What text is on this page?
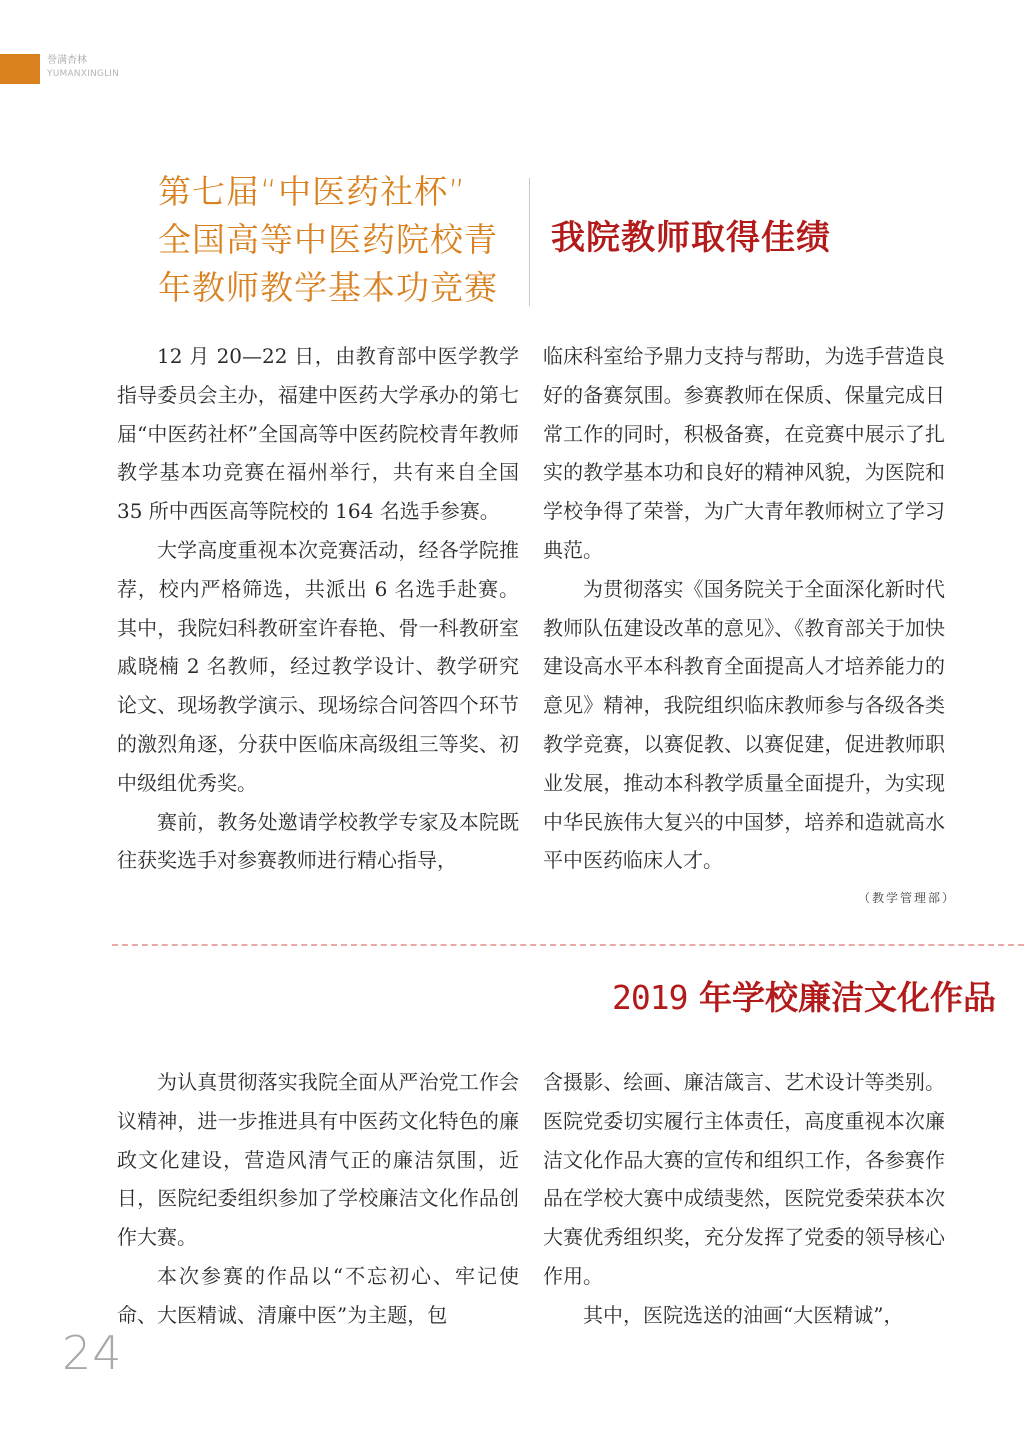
誉满杏林
YUMANXINGLIN
第七届“中医药社杯”
全国高等中医药院校青
年教师教学基本功竞赛
我院教师取得佳绩

12 月 20—22 日，由教育部中医学教学指导委员会主办，福建中医药大学承办的第七届“中医药社杯”全国高等中医药院校青年教师教学基本功竞赛在福州举行，共有来自全国 35 所中西医高等院校的 164 名选手参赛。

大学高度重视本次竞赛活动，经各学院推荐，校内严格筛选，共派出 6 名选手赴赛。其中，我院妇科教研室许春艳、骨一科教研室戚晓楠 2 名教师，经过教学设计、教学研究论文、现场教学演示、现场综合问答四个环节的激烈角逐，分获中医临床高级组三等奖、初中级组优秀奖。

赛前，教务处邀请学校教学专家及本院既往获奖选手对参赛教师进行精心指导，

临床科室给予鼎力支持与帮助，为选手营造良好的备赛氛围。参赛教师在保质、保量完成日常工作的同时，积极备赛，在竞赛中展示了扎实的教学基本功和良好的精神风貌，为医院和学校争得了荣誉，为广大青年教师树立了学习典范。

为贯彻落实《国务院关于全面深化新时代教师队伍建设改革的意见》、《教育部关于加快建设高水平本科教育全面提高人才培养能力的意见》精神，我院组织临床教师参与各级各类教学竞赛，以赛促教、以赛促建，促进教师职业发展，推动本科教学质量全面提升，为实现中华民族伟大复兴的中国梦，培养和造就高水平中医药临床人才。

（教学管理部）
2019 年学校廉洁文化作品

为认真贯彻落实我院全面从严治党工作会议精神，进一步推进具有中医药文化特色的廉政文化建设，营造风清气正的廉洁氛围，近日，医院纪委组织参加了学校廉洁文化作品创作大赛。

本次参赛的作品以“不忘初心、牢记使命、大医精诚、清廉中医”为主题，包

含摄影、绘画、廉洁箴言、艺术设计等类别。医院党委切实履行主体责任，高度重视本次廉洁文化作品大赛的宣传和组织工作，各参赛作品在学校大赛中成绩斐然，医院党委荣获本次大赛优秀组织奖，充分发挥了党委的领导核心作用。

其中，医院选送的油画“大医精诚”，

24
